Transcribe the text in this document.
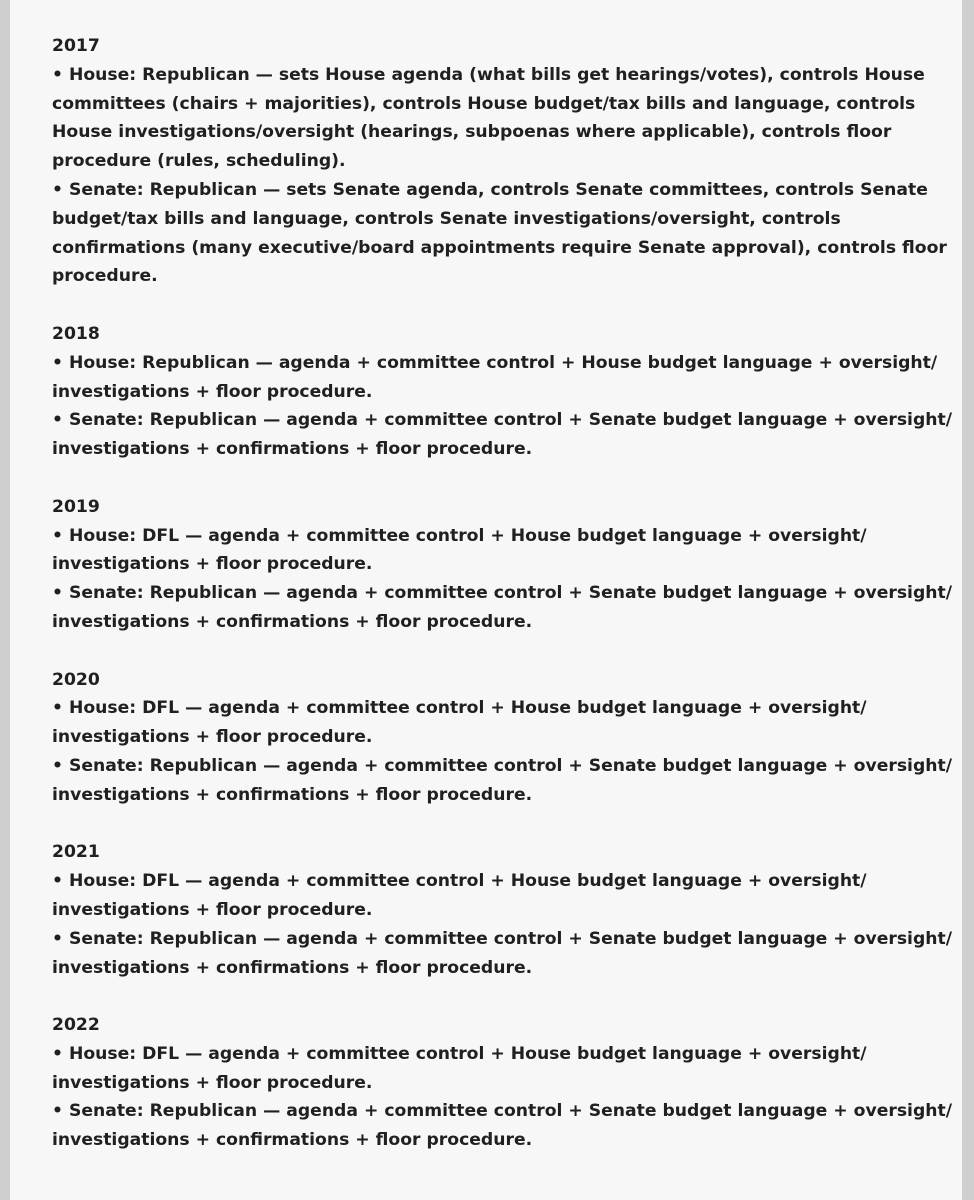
2017

• House: Republican — sets House agenda (what bills get hearings/votes), controls House committees (chairs + majorities), controls House budget/tax bills and language, controls House investigations/oversight (hearings, subpoenas where applicable), controls floor procedure (rules, scheduling).

• Senate: Republican — sets Senate agenda, controls Senate committees, controls Senate budget/tax bills and language, controls Senate investigations/oversight, controls confirmations (many executive/board appointments require Senate approval), controls floor procedure.

2018

• House: Republican — agenda + committee control + House budget language + oversight/ investigations + floor procedure.

• Senate: Republican — agenda + committee control + Senate budget language + oversight/ investigations + confirmations + floor procedure.

2019

• House: DFL — agenda + committee control + House budget language + oversight/ investigations + floor procedure.

• Senate: Republican — agenda + committee control + Senate budget language + oversight/ investigations + confirmations + floor procedure.

2020

• House: DFL — agenda + committee control + House budget language + oversight/ investigations + floor procedure.

• Senate: Republican — agenda + committee control + Senate budget language + oversight/ investigations + confirmations + floor procedure.

2021

• House: DFL — agenda + committee control + House budget language + oversight/ investigations + floor procedure.

• Senate: Republican — agenda + committee control + Senate budget language + oversight/ investigations + confirmations + floor procedure.

2022

• House: DFL — agenda + committee control + House budget language + oversight/ investigations + floor procedure.

• Senate: Republican — agenda + committee control + Senate budget language + oversight/ investigations + confirmations + floor procedure.
